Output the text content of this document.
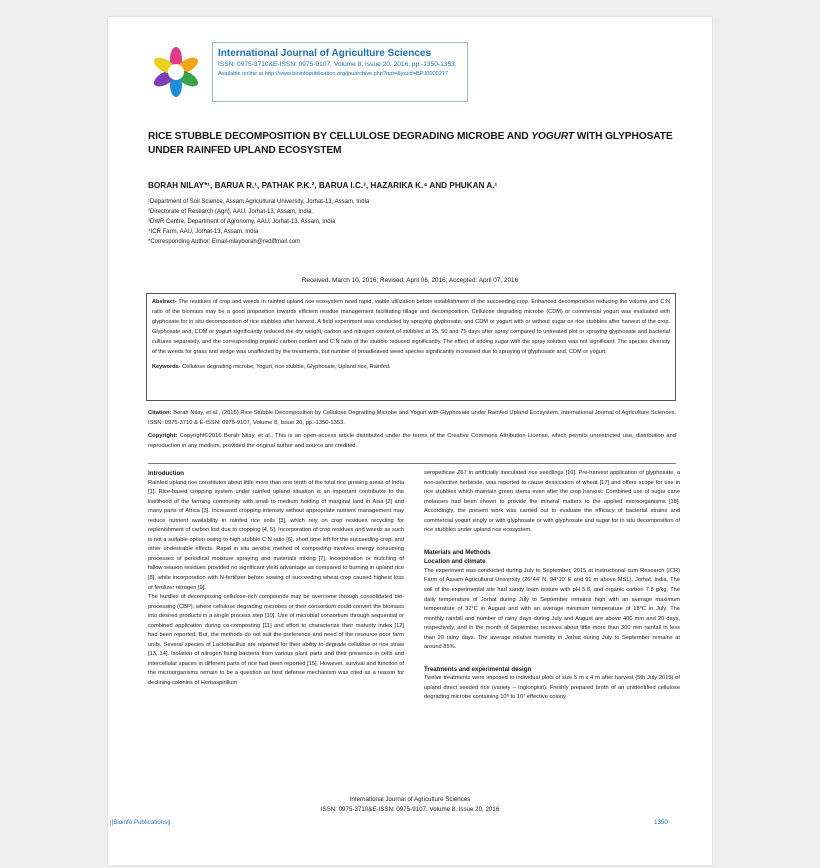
International Journal of Agriculture Sciences
ISSN: 0975-3710&E-ISSN: 0975-9107, Volume 8, Issue 20, 2016, pp.-1350-1353.
Available online at http://www.bioinfopublication.org/jouarchive.php?opt=&jouid=BPJ0000217
RICE STUBBLE DECOMPOSITION BY CELLULOSE DEGRADING MICROBE AND YOGURT WITH GLYPHOSATE UNDER RAINFED UPLAND ECOSYSTEM
BORAH NILAY*¹, BARUA R.¹, PATHAK P.K.², BARUA I.C.³, HAZARIKA K.⁴ AND PHUKAN A.¹
¹Department of Soil Science, Assam Agricultural University, Jorhat-13, Assam, India
²Directorate of Research (Agri), AAU, Jorhat-13, Assam, India.
³DWR Centre, Department of Agronomy, AAU, Jorhat-13, Assam, India
⁴ICR Farm, AAU, Jorhat-13, Assam, India
*Corresponding Author: Email-nilayborah@rediffmail.com
Received: March 10, 2016; Revised: April 06, 2016; Accepted: April 07, 2016

Abstract- The residues of crop and weeds in rainfed upland rice ecosystem need rapid, viable utilization before establishment of the succeeding crop. Enhanced decomposition reducing the volume and C:N ratio of the biomass may be a good proposition towards efficient residue management facilitating tillage and decomposition. Cellulose degrading microbe (CDM) or commercial yogurt was evaluated with glyphosate for in situ decomposition of rice stubbles after harvest. A field experiment was conducted by spraying glyphosate, and CDM or yogurt with or without sugar on rice stubbles after harvest of the crop. Glyphosate and, CDM or yogurt significantly reduced the dry weight, carbon and nitrogen content of stubbles at 25, 50 and 75 days after spray compared to untreated plot or spraying glyphosate and bacterial cultures separately, and the corresponding organic carbon content and C:N ratio of the stubble reduced significantly. The effect of adding sugar with the spray solution was not significant. The species diversity of the weeds for grass and sedge was unaffected by the treatments, but number of broadleaved weed species significantly increased due to spraying of glyphosate and, CDM or yogurt.

Keywords- Cellulose degrading microbe, Yogurt, rice stubble, Glyphosate, Upland rice, Rainfed.

Citation: Borah Nilay, et al., (2016) Rice Stubble Decomposition by Cellulose Degrading Microbe and Yogurt with Glyphosate under Rainfed Upland Ecosystem. International Journal of Agriculture Sciences, ISSN: 0975-3710 & E-ISSN: 0975-9107, Volume 8, Issue 20, pp.-1350-1353.

Copyright: Copyright©2016 Borah Nilay, et al., This is an open-access article distributed under the terms of the Creative Commons Attribution License, which permits unrestricted use, distribution and reproduction in any medium, provided the original author and source are credited.

Introduction

Rainfed upland rice constitutes about little more than one tenth of the total rice growing areas of India [1]. Rice-based cropping system under rainfed upland situation is an important contributor to the livelihood of the farming community with small to medium holding of marginal land in Asia [2] and many parts of Africa [3]. Increased cropping intensity without appropriate nutrient management may reduce nutrient availability in rainfed rice soils [3], which rely on crop residues recycling for replenishment of carbon lost due to cropping [4, 5]. Incorporation of crop residues and weeds as such is not a suitable option owing to high stubble C:N ratio [6], short time left for the succeeding crop, and other undesirable effects. Rapid in situ aerobic method of composting involves energy consuming processes of periodical moisture spraying and materials mixing [7]. Incorporation or mulching of fallow season residues provided no significant yield advantage as compared to burning in upland rice [8], while incorporation with N-fertilizer before sowing of succeeding wheat crop caused highest loss of fertilizer nitrogen [9].

The hurdles of decomposing cellulose-rich compounds may be overcome through consolidated bio-processing (CBP), where cellulose degrading microbes or their consortium could convert the biomass into desired products in a single process step [10]. Use of microbial consortium through sequential or combined application during co-composting [11] and effort to characterize their maturity index [12] had been reported. But, the methods do not suit the preference and need of the resource poor farm units. Several species of Lactobacillus are reported for their ability to degrade cellulose or rice straw [13, 14]. Isolation of nitrogen fixing bacteria from various plant parts and their presence in cells and intercellular spaces in different parts of rice had been reported [15]. However, survival and function of the microorganisms remain to be a question as host defense mechanism was cited as a reason for declining colonies of Herbaspirillum

seropedicae Z67 in artificially inoculated rice seedlings [16]. Pre-harvest application of glyphosate, a non-selective herbicide, was reported to cause desiccation of wheat [17] and offers scope for use in rice stubbles which maintain green stems even after the crop harvest. Combined use of sugar cane molasses had been shown to provide the mineral matters to the applied microorganisms [18]. Accordingly, the present work was carried out to evaluate the efficacy of bacterial strains and commercial yogurt singly or with glyphosate or with glyphosate and sugar for in situ decomposition of rice stubbles under upland rice ecosystem.

Materials and Methods

Location and climate

The experiment was conducted during July to September, 2015 at Instructional cum Research (ICR) Farm of Assam Agricultural University (26°44' N, 94°10' E and 91 m above MSL), Jorhat, India. The soil of the experimental site had sandy loam texture with pH 5.8, and organic carbon 7.8 g/kg. The daily temperature of Jorhat during July to September remains high with an average maximum temperature of 32°C in August and with an average minimum temperature of 18°C in July. The monthly rainfall and number of rainy days during July and August are above 400 mm and 20 days, respectively, and in the month of September receives about little more than 300 mm rainfall in less than 20 rainy days. The average relative humidity in Jorhat during July to September remains at around 85%.

Treatments and experimental design

Twelve treatments were imposed to individual plots of size 5 m x 4 m after harvest (5th July 2015) of upland direct seeded rice (variety – Inglongkiri). Freshly prepared broth of an unidentified cellulose degrading microbe containing 10⁸ to 10⁷ effective colony

International Journal of Agriculture Sciences
ISSN: 0975-3710&E-ISSN: 0975-9107, Volume 8, Issue 20, 2016
||Bioinfo Publications||	1350
